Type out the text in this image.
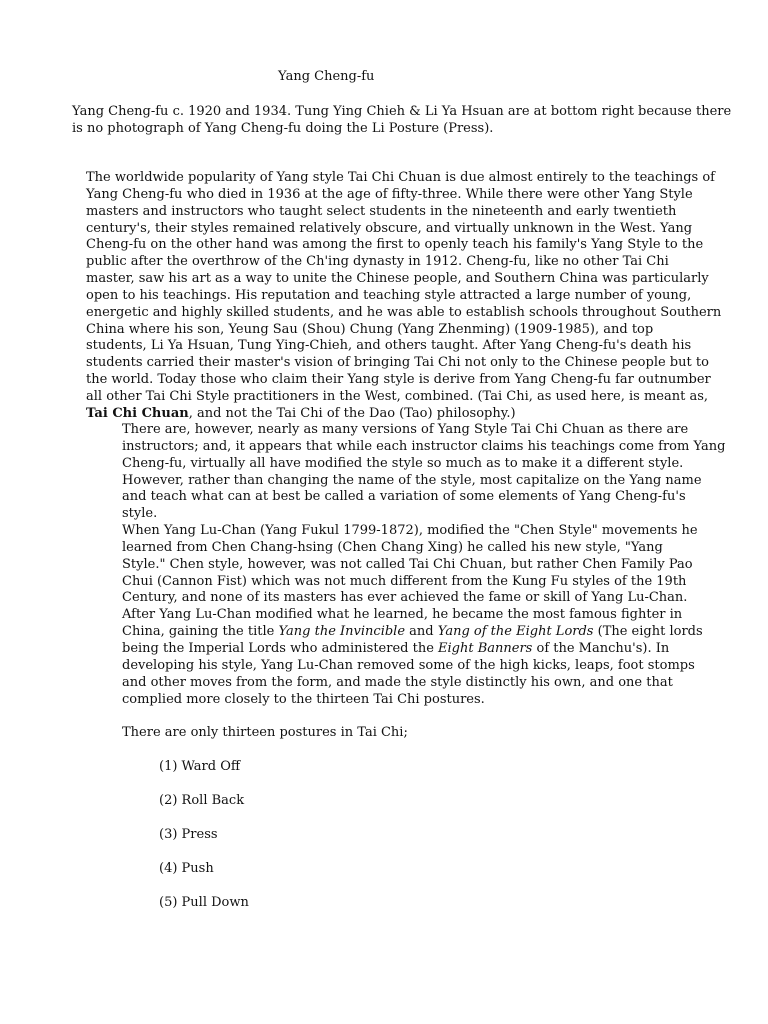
Yang Cheng-fu
Yang Cheng-fu c. 1920 and 1934. Tung Ying Chieh & Li Ya Hsuan are at bottom right because there is no photograph of Yang Cheng-fu doing the Li Posture (Press).
The worldwide popularity of Yang style Tai Chi Chuan is due almost entirely to the teachings of
Yang Cheng-fu who died in 1936 at the age of fifty-three. While there were other Yang Style
masters and instructors who taught select students in the nineteenth and early twentieth
century's, their styles remained relatively obscure, and virtually unknown in the West. Yang
Cheng-fu on the other hand was among the first to openly teach his family's Yang Style to the
public after the overthrow of the Ch'ing dynasty in 1912. Cheng-fu, like no other Tai Chi
master, saw his art as a way to unite the Chinese people, and Southern China was particularly
open to his teachings. His reputation and teaching style attracted a large number of young,
energetic and highly skilled students, and he was able to establish schools throughout Southern
China where his son, Yeung Sau (Shou) Chung (Yang Zhenming) (1909-1985), and top
students, Li Ya Hsuan, Tung Ying-Chieh, and others taught. After Yang Cheng-fu's death his
students carried their master's vision of bringing Tai Chi not only to the Chinese people but to
the world. Today those who claim their Yang style is derive from Yang Cheng-fu far outnumber
all other Tai Chi Style practitioners in the West, combined. (Tai Chi, as used here, is meant as,
Tai Chi Chuan, and not the Tai Chi of the Dao (Tao) philosophy.)
There are, however, nearly as many versions of Yang Style Tai Chi Chuan as there are
instructors; and, it appears that while each instructor claims his teachings come from Yang
Cheng-fu, virtually all have modified the style so much as to make it a different style.
However, rather than changing the name of the style, most capitalize on the Yang name
and teach what can at best be called a variation of some elements of Yang Cheng-fu's
style.
When Yang Lu-Chan (Yang Fukul 1799-1872), modified the "Chen Style" movements he
learned from Chen Chang-hsing (Chen Chang Xing) he called his new style, "Yang
Style." Chen style, however, was not called Tai Chi Chuan, but rather Chen Family Pao
Chui (Cannon Fist) which was not much different from the Kung Fu styles of the 19th
Century, and none of its masters has ever achieved the fame or skill of Yang Lu-Chan.
After Yang Lu-Chan modified what he learned, he became the most famous fighter in
China, gaining the title Yang the Invincible and Yang of the Eight Lords (The eight lords
being the Imperial Lords who administered the Eight Banners of the Manchu's). In
developing his style, Yang Lu-Chan removed some of the high kicks, leaps, foot stomps
and other moves from the form, and made the style distinctly his own, and one that
complied more closely to the thirteen Tai Chi postures.
There are only thirteen postures in Tai Chi;
(1) Ward Off
(2) Roll Back
(3) Press
(4) Push
(5) Pull Down
